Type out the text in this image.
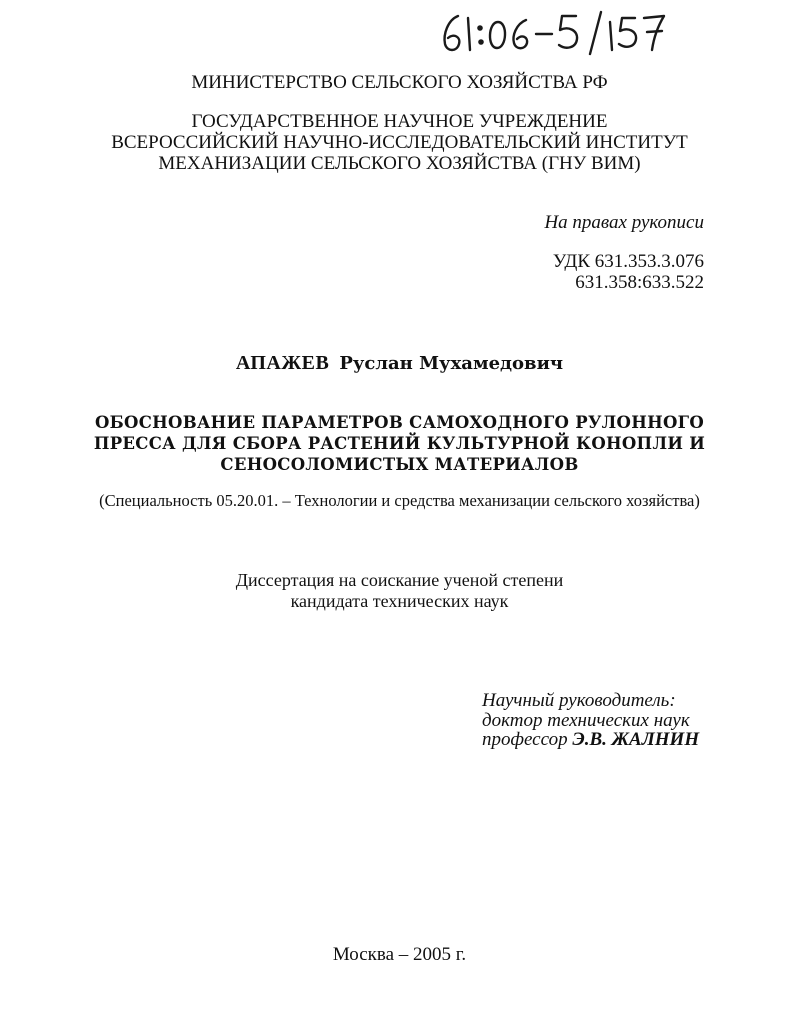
МИНИСТЕРСТВО СЕЛЬСКОГО ХОЗЯЙСТВА РФ

ГОСУДАРСТВЕННОЕ НАУЧНОЕ УЧРЕЖДЕНИЕ

ВСЕРОССИЙСКИЙ НАУЧНО-ИССЛЕДОВАТЕЛЬСКИЙ ИНСТИТУТ

МЕХАНИЗАЦИИ СЕЛЬСКОГО ХОЗЯЙСТВА (ГНУ ВИМ)

На правах рукописи

УДК 631.353.3.076

631.358:633.522

АПАЖЕВ Руслан Мухамедович

ОБОСНОВАНИЕ ПАРАМЕТРОВ САМОХОДНОГО РУЛОННОГО

ПРЕССА ДЛЯ СБОРА РАСТЕНИЙ КУЛЬТУРНОЙ КОНОПЛИ И

СЕНОСОЛОМИСТЫХ МАТЕРИАЛОВ

(Специальность 05.20.01. – Технологии и средства механизации сельского хозяйства)

Диссертация на соискание ученой степени

кандидата технических наук

Научный руководитель:

доктор технических наук

профессор Э.В. ЖАЛНИН

Москва – 2005 г.
